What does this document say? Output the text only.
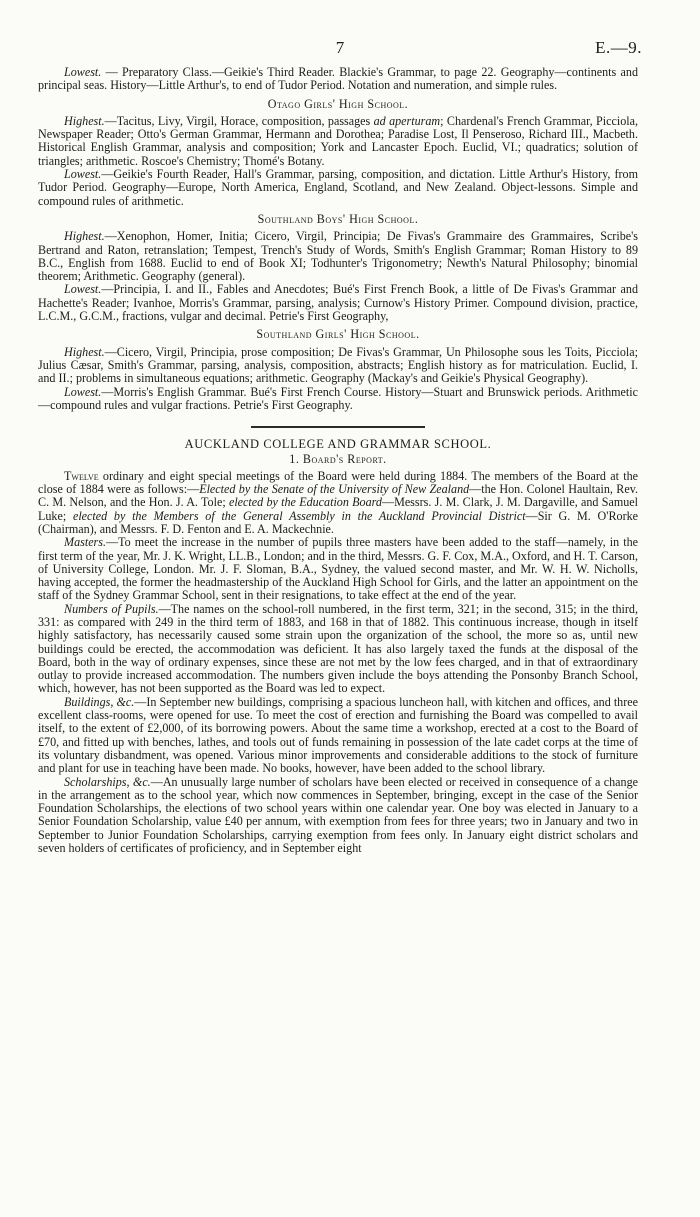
7	E.—9.

Lowest. — Preparatory Class.—Geikie's Third Reader. Blackie's Grammar, to page 22. Geography—continents and principal seas. History—Little Arthur's, to end of Tudor Period. Notation and numeration, and simple rules.

Otago Girls' High School.

Highest.—Tacitus, Livy, Virgil, Horace, composition, passages ad aperturam; Chardenal's French Grammar, Picciola, Newspaper Reader; Otto's German Grammar, Hermann and Dorothea; Paradise Lost, Il Penseroso, Richard III., Macbeth. Historical English Grammar, analysis and composition; York and Lancaster Epoch. Euclid, VI.; quadratics; solution of triangles; arithmetic. Roscoe's Chemistry; Thomé's Botany.

Lowest.—Geikie's Fourth Reader, Hall's Grammar, parsing, composition, and dictation. Little Arthur's History, from Tudor Period. Geography—Europe, North America, England, Scotland, and New Zealand. Object-lessons. Simple and compound rules of arithmetic.

Southland Boys' High School.

Highest.—Xenophon, Homer, Initia; Cicero, Virgil, Principia; De Fivas's Grammaire des Grammaires, Scribe's Bertrand and Raton, retranslation; Tempest, Trench's Study of Words, Smith's English Grammar; Roman History to 89 B.C., English from 1688. Euclid to end of Book XI; Todhunter's Trigonometry; Newth's Natural Philosophy; binomial theorem; Arithmetic. Geography (general).

Lowest.—Principia, I. and II., Fables and Anecdotes; Bué's First French Book, a little of De Fivas's Grammar and Hachette's Reader; Ivanhoe, Morris's Grammar, parsing, analysis; Curnow's History Primer. Compound division, practice, L.C.M., G.C.M., fractions, vulgar and decimal. Petrie's First Geography,

Southland Girls' High School.

Highest.—Cicero, Virgil, Principia, prose composition; De Fivas's Grammar, Un Philosophe sous les Toits, Picciola; Julius Cæsar, Smith's Grammar, parsing, analysis, composition, abstracts; English history as for matriculation. Euclid, I. and II.; problems in simultaneous equations; arithmetic. Geography (Mackay's and Geikie's Physical Geography).

Lowest.—Morris's English Grammar. Bué's First French Course. History—Stuart and Brunswick periods. Arithmetic—compound rules and vulgar fractions. Petrie's First Geography.

AUCKLAND COLLEGE AND GRAMMAR SCHOOL.
1. Board's Report.

Twelve ordinary and eight special meetings of the Board were held during 1884. The members of the Board at the close of 1884 were as follows:—Elected by the Senate of the University of New Zealand—the Hon. Colonel Haultain, Rev. C. M. Nelson, and the Hon. J. A. Tole; elected by the Education Board—Messrs. J. M. Clark, J. M. Dargaville, and Samuel Luke; elected by the Members of the General Assembly in the Auckland Provincial District—Sir G. M. O'Rorke (Chairman), and Messrs. F. D. Fenton and E. A. Mackechnie.

Masters.—To meet the increase in the number of pupils three masters have been added to the staff—namely, in the first term of the year, Mr. J. K. Wright, LL.B., London; and in the third, Messrs. G. F. Cox, M.A., Oxford, and H. T. Carson, of University College, London. Mr. J. F. Sloman, B.A., Sydney, the valued second master, and Mr. W. H. W. Nicholls, having accepted, the former the headmastership of the Auckland High School for Girls, and the latter an appointment on the staff of the Sydney Grammar School, sent in their resignations, to take effect at the end of the year.

Numbers of Pupils.—The names on the school-roll numbered, in the first term, 321; in the second, 315; in the third, 331: as compared with 249 in the third term of 1883, and 168 in that of 1882. This continuous increase, though in itself highly satisfactory, has necessarily caused some strain upon the organization of the school, the more so as, until new buildings could be erected, the accommodation was deficient. It has also largely taxed the funds at the disposal of the Board, both in the way of ordinary expenses, since these are not met by the low fees charged, and in that of extraordinary outlay to provide increased accommodation. The numbers given include the boys attending the Ponsonby Branch School, which, however, has not been supported as the Board was led to expect.

Buildings, &c.—In September new buildings, comprising a spacious luncheon hall, with kitchen and offices, and three excellent class-rooms, were opened for use. To meet the cost of erection and furnishing the Board was compelled to avail itself, to the extent of £2,000, of its borrowing powers. About the same time a workshop, erected at a cost to the Board of £70, and fitted up with benches, lathes, and tools out of funds remaining in possession of the late cadet corps at the time of its voluntary disbandment, was opened. Various minor improvements and considerable additions to the stock of furniture and plant for use in teaching have been made. No books, however, have been added to the school library.

Scholarships, &c.—An unusually large number of scholars have been elected or received in consequence of a change in the arrangement as to the school year, which now commences in September, bringing, except in the case of the Senior Foundation Scholarships, the elections of two school years within one calendar year. One boy was elected in January to a Senior Foundation Scholarship, value £40 per annum, with exemption from fees for three years; two in January and two in September to Junior Foundation Scholarships, carrying exemption from fees only. In January eight district scholars and seven holders of certificates of proficiency, and in September eight
